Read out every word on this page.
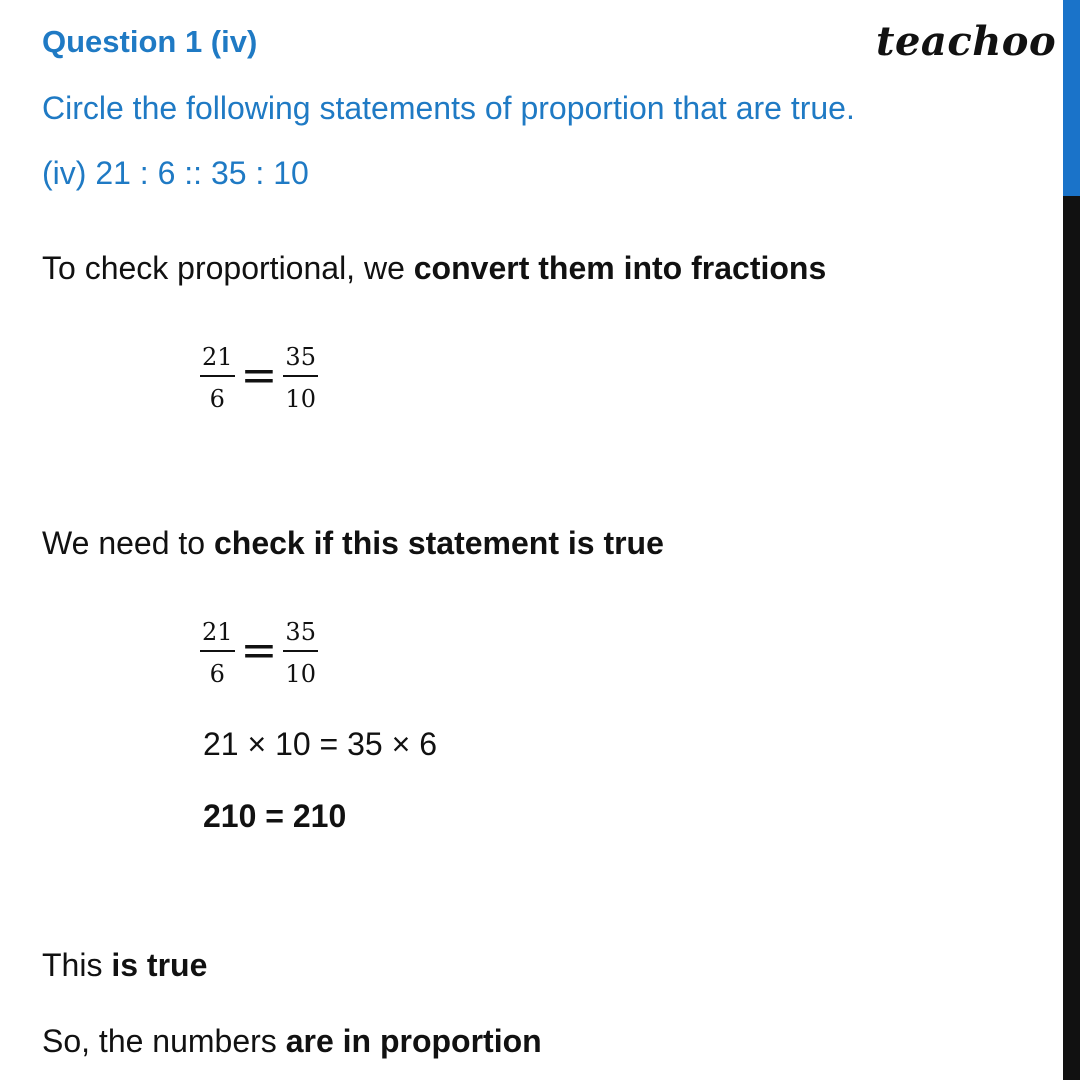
Question 1 (iv)	teachoo
Circle the following statements of proportion that are true.
(iv) 21 : 6 :: 35 : 10
To check proportional, we convert them into fractions
$\frac{21}{6} = \frac{35}{10}$
We need to check if this statement is true
$\frac{21}{6} = \frac{35}{10}$
21 × 10 = 35 × 6
210 = 210
This is true
So, the numbers are in proportion
